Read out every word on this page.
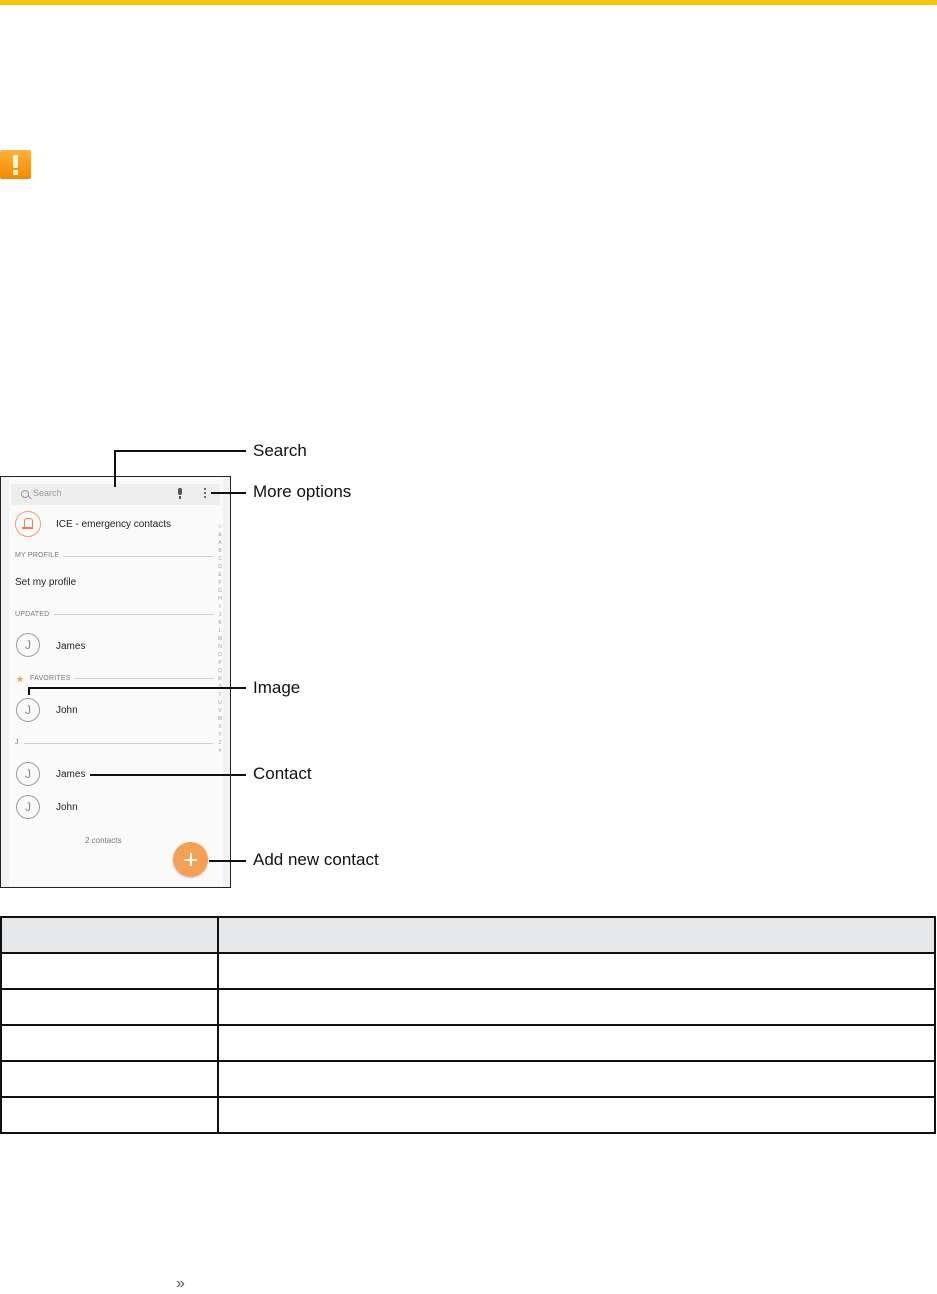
Search
ICE - emergency contacts
MY PROFILE
Set my profile
UPDATED
J	James
★ FAVORITES
J	John
J
J	James
J	John
☆
&
A
B
C
D
E
F
G
H
I
J
K
L
M
N
O
P
Q
R
T
U
V
W
X
Y
Z
#
2 contacts
Search
More options
Image
Contact
Add new contact

»
